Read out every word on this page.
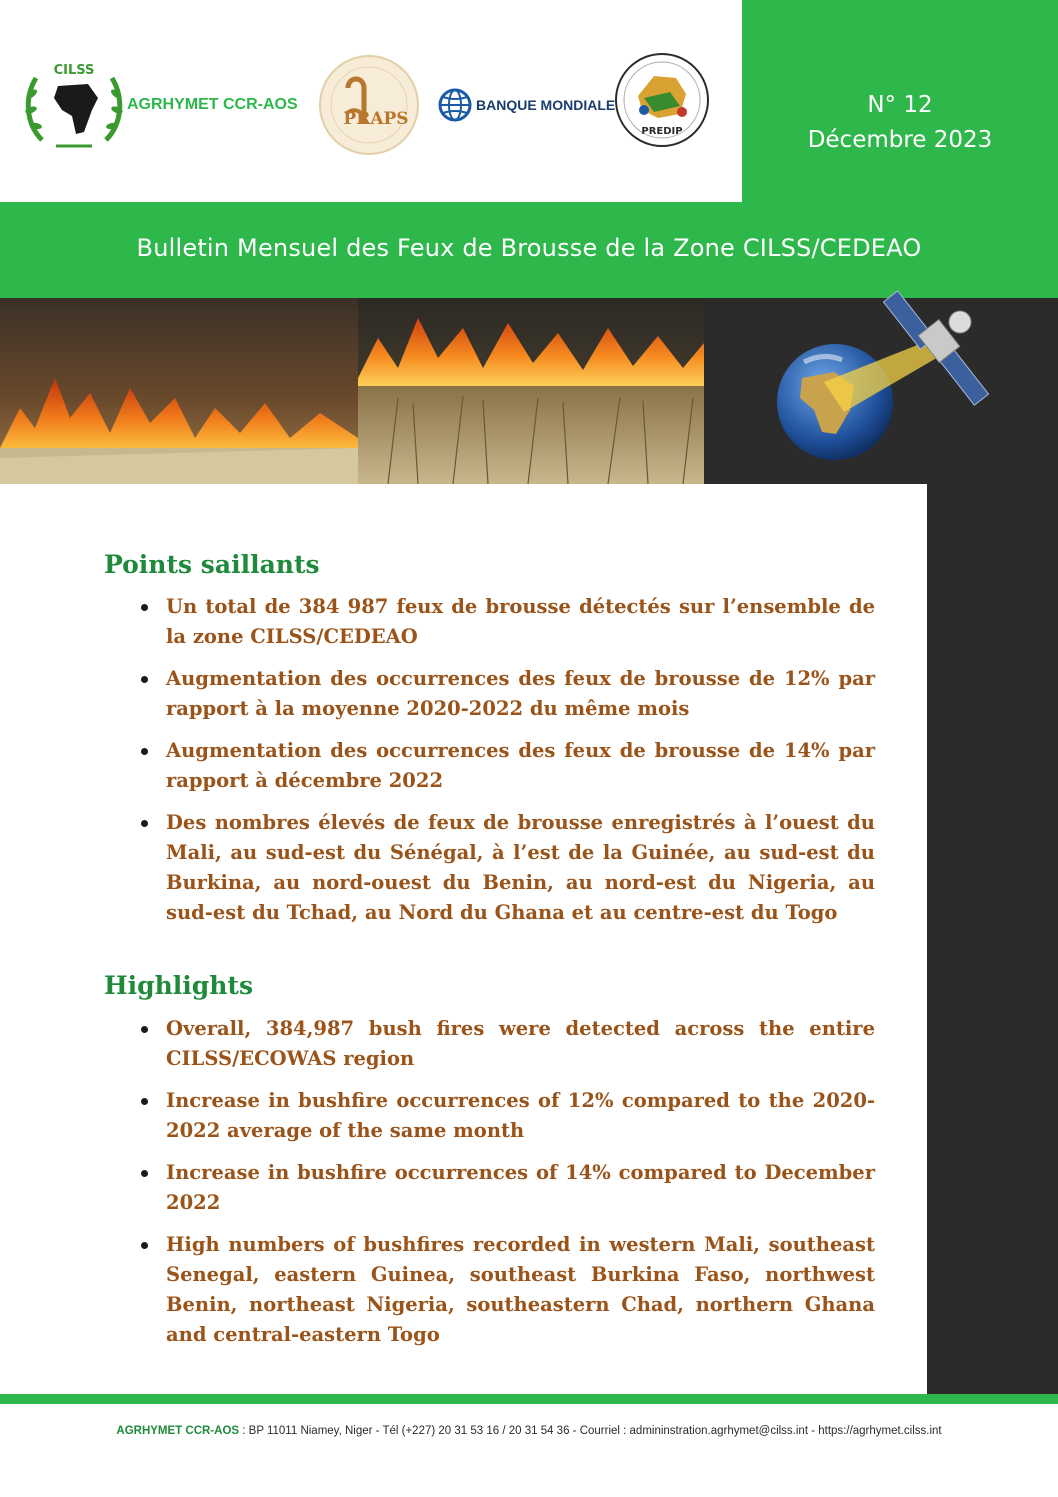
CILSS
AGRHYMET CCR-AOS
PRAPS
BANQUE MONDIALE
PREDIP
N° 12
Décembre 2023
Bulletin Mensuel des Feux de Brousse de la Zone CILSS/CEDEAO
Points saillants
Un total de 384 987 feux de brousse détectés sur l’ensemble de la zone CILSS/CEDEAO
Augmentation des occurrences des feux de brousse de 12% par rapport à la moyenne 2020-2022 du même mois
Augmentation des occurrences des feux de brousse de 14% par rapport à décembre 2022
Des nombres élevés de feux de brousse enregistrés à l’ouest du Mali, au sud-est du Sénégal, à l’est de la Guinée, au sud-est du Burkina, au nord-ouest du Benin, au nord-est du Nigeria, au sud-est du Tchad, au Nord du Ghana et au centre-est du Togo
Highlights
Overall, 384,987 bush fires were detected across the entire CILSS/ECOWAS region
Increase in bushfire occurrences of 12% compared to the 2020-2022 average of the same month
Increase in bushfire occurrences of 14% compared to December 2022
High numbers of bushfires recorded in western Mali, southeast Senegal, eastern Guinea, southeast Burkina Faso, northwest Benin, northeast Nigeria, southeastern Chad, northern Ghana and central-eastern Togo
AGRHYMET CCR-AOS : BP 11011 Niamey, Niger - Tél (+227) 20 31 53 16 / 20 31 54 36 - Courriel : admininstration.agrhymet@cilss.int - https://agrhymet.cilss.int
